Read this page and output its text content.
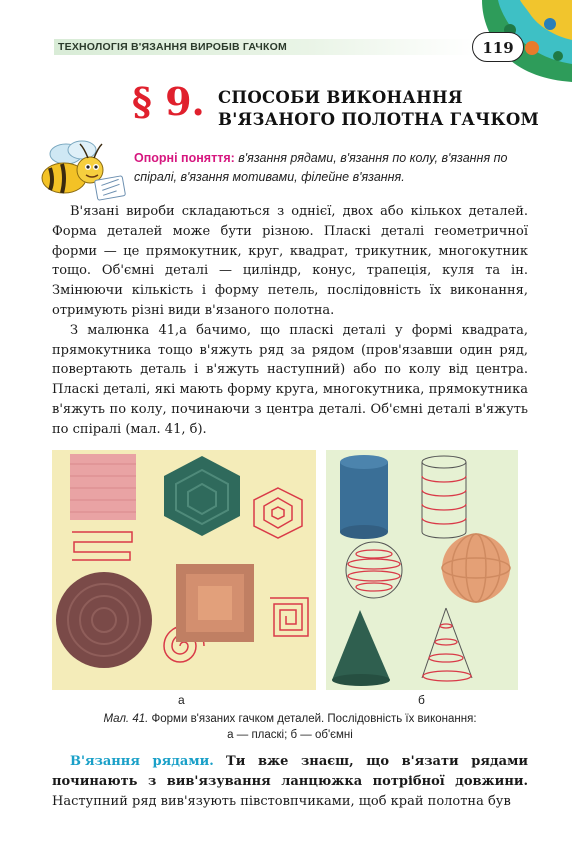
ТЕХНОЛОГІЯ В'ЯЗАННЯ ВИРОБІВ ГАЧКОМ	119
§ 9. СПОСОБИ ВИКОНАННЯ
В'ЯЗАНОГО ПОЛОТНА ГАЧКОМ
Опорні поняття: в'язання рядами, в'язання по колу, в'язання по спіралі, в'язання мотивами, філейне в'язання.

В'язані вироби складаються з однієї, двох або кількох деталей. Форма деталей може бути різною. Пласкі деталі геометричної форми — це прямокутник, круг, квадрат, трикутник, многокутник тощо. Об'ємні деталі — циліндр, конус, трапеція, куля та ін. Змінюючи кількість і форму петель, послідовність їх виконання, отримують різні види в'язаного полотна.

З малюнка 41,а бачимо, що пласкі деталі у формі квадрата, прямокутника тощо в'яжуть ряд за рядом (пров'язавши один ряд, повертають деталь і в'яжуть наступний) або по колу від центра. Пласкі деталі, які мають форму круга, многокутника, прямокутника в'яжуть по колу, починаючи з центра деталі. Об'ємні деталі в'яжуть по спіралі (мал. 41, б).

а	б
Мал. 41. Форми в'язаних гачком деталей. Послідовність їх виконання:
а — пласкі; б — об'ємні

В'язання рядами. Ти вже знаєш, що в'язати рядами починають з вив'язування ланцюжка потрібної довжини. Наступний ряд вив'язують півстовпчиками, щоб край полотна був
